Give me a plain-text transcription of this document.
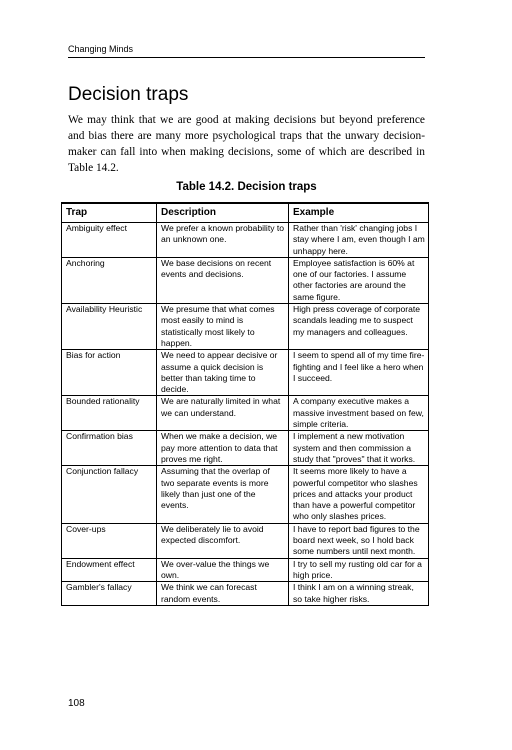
Changing Minds
Decision traps

We may think that we are good at making decisions but beyond preference and bias there are many more psychological traps that the unwary decision-maker can fall into when making decisions, some of which are described in Table 14.2.

Table 14.2. Decision traps
Trap	Description	Example
Ambiguity effect	We prefer a known probability to an unknown one.	Rather than 'risk' changing jobs I stay where I am, even though I am unhappy here.
Anchoring	We base decisions on recent events and decisions.	Employee satisfaction is 60% at one of our factories. I assume other factories are around the same figure.
Availability Heuristic	We presume that what comes most easily to mind is statistically most likely to happen.	High press coverage of corporate scandals leading me to suspect my managers and colleagues.
Bias for action	We need to appear decisive or assume a quick decision is better than taking time to decide.	I seem to spend all of my time fire-fighting and I feel like a hero when I succeed.
Bounded rationality	We are naturally limited in what we can understand.	A company executive makes a massive investment based on few, simple criteria.
Confirmation bias	When we make a decision, we pay more attention to data that proves me right.	I implement a new motivation system and then commission a study that "proves" that it works.
Conjunction fallacy	Assuming that the overlap of two separate events is more likely than just one of the events.	It seems more likely to have a powerful competitor who slashes prices and attacks your product than have a powerful competitor who only slashes prices.
Cover-ups	We deliberately lie to avoid expected discomfort.	I have to report bad figures to the board next week, so I hold back some numbers until next month.
Endowment effect	We over-value the things we own.	I try to sell my rusting old car for a high price.
Gambler's fallacy	We think we can forecast random events.	I think I am on a winning streak, so take higher risks.
108
